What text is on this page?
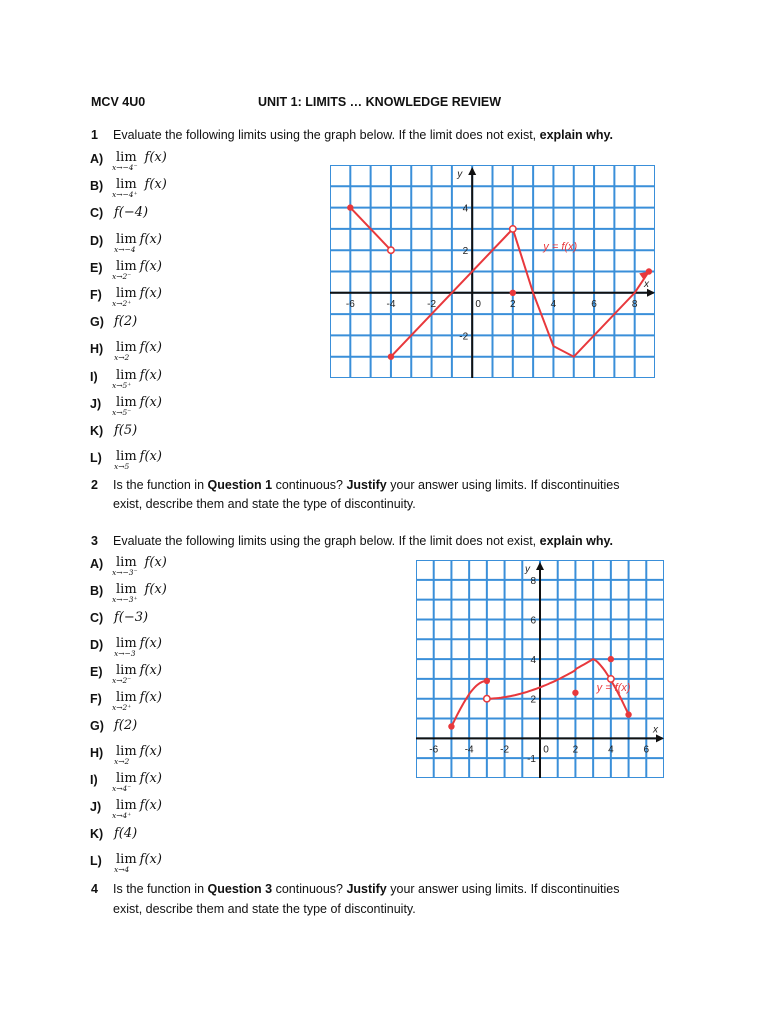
MCV 4U0	UNIT 1: LIMITS … KNOWLEDGE REVIEW
1 Evaluate the following limits using the graph below. If the limit does not exist, explain why.
A) lim
x→−4⁻
f(x)
B) lim
x→−4⁺
f(x)
C) f(−4)
D) lim
x→−4
f(x)
E) lim
x→2⁻
f(x)
F) lim
x→2⁺
f(x)
G) f(2)
H) lim
x→2
f(x)
I) lim
x→5⁺
f(x)
J) lim
x→5⁻
f(x)
K) f(5)
L) lim
x→5
f(x)
-6	-4	-2	0	2	4	6	8
4
2
-2
x
y
y = f(x)
2 Is the function in Question 1 continuous? Justify your answer using limits. If discontinuities
exist, describe them and state the type of discontinuity.
3 Evaluate the following limits using the graph below. If the limit does not exist, explain why.
A) lim
x→−3⁻
f(x)
B) lim
x→−3⁺
f(x)
C) f(−3)
D) lim
x→−3
f(x)
E) lim
x→2⁻
f(x)
F) lim
x→2⁺
f(x)
G) f(2)
H) lim
x→2
f(x)
I) lim
x→4⁻
f(x)
J) lim
x→4⁺
f(x)
K) f(4)
L) lim
x→4
f(x)
-6	-4	-2	0 2	4	6
8
6
4
2
-1
x
y
y = f(x)
4 Is the function in Question 3 continuous? Justify your answer using limits. If discontinuities
exist, describe them and state the type of discontinuity.
